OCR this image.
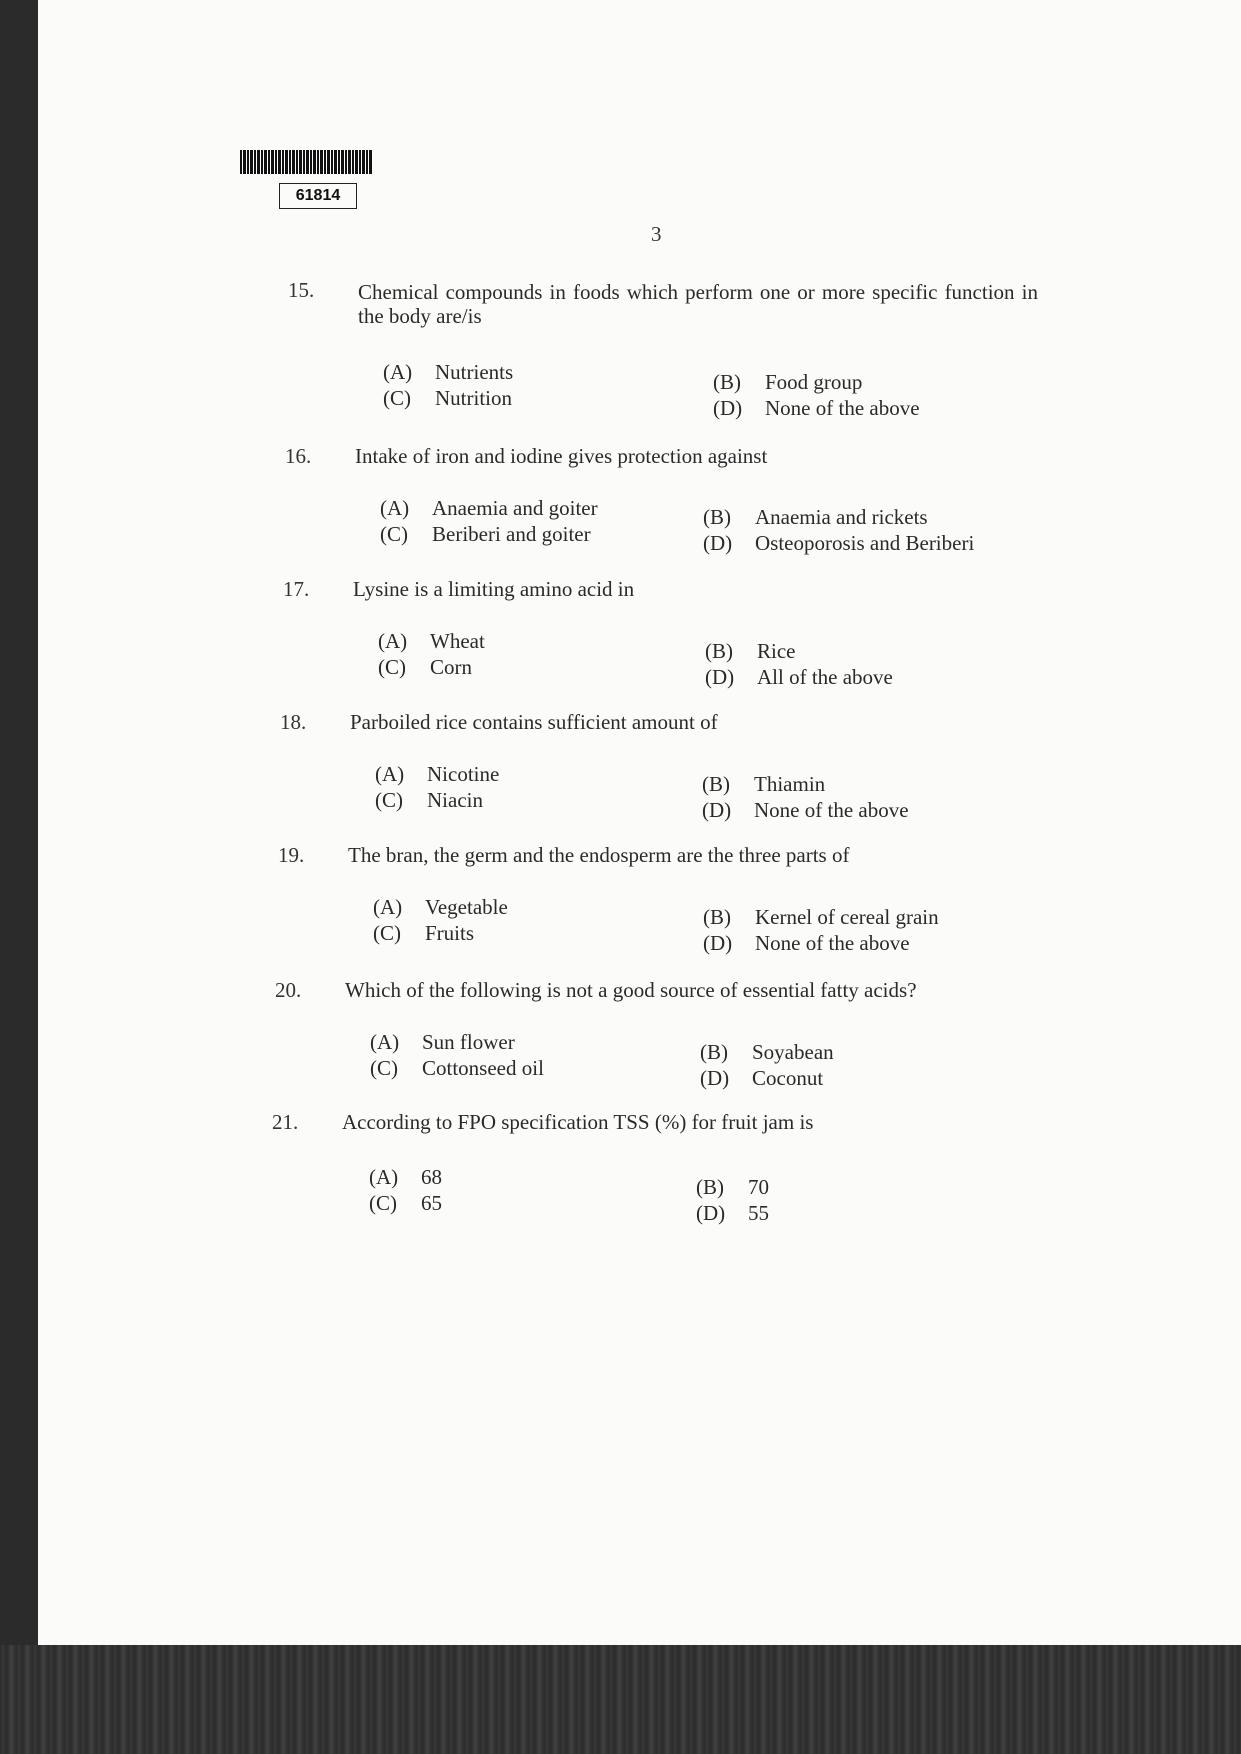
61814
3
15. Chemical compounds in foods which perform one or more specific function in the body are/is
(A) Nutrients	(B) Food group
(C) Nutrition	(D) None of the above
16. Intake of iron and iodine gives protection against
(A) Anaemia and goiter	(B) Anaemia and rickets
(C) Beriberi and goiter	(D) Osteoporosis and Beriberi
17. Lysine is a limiting amino acid in
(A) Wheat	(B) Rice
(C) Corn	(D) All of the above
18. Parboiled rice contains sufficient amount of
(A) Nicotine	(B) Thiamin
(C) Niacin	(D) None of the above
19. The bran, the germ and the endosperm are the three parts of
(A) Vegetable	(B) Kernel of cereal grain
(C) Fruits	(D) None of the above
20. Which of the following is not a good source of essential fatty acids?
(A) Sun flower	(B) Soyabean
(C) Cottonseed oil	(D) Coconut
21. According to FPO specification TSS (%) for fruit jam is
(A) 68	(B) 70
(C) 65	(D) 55
